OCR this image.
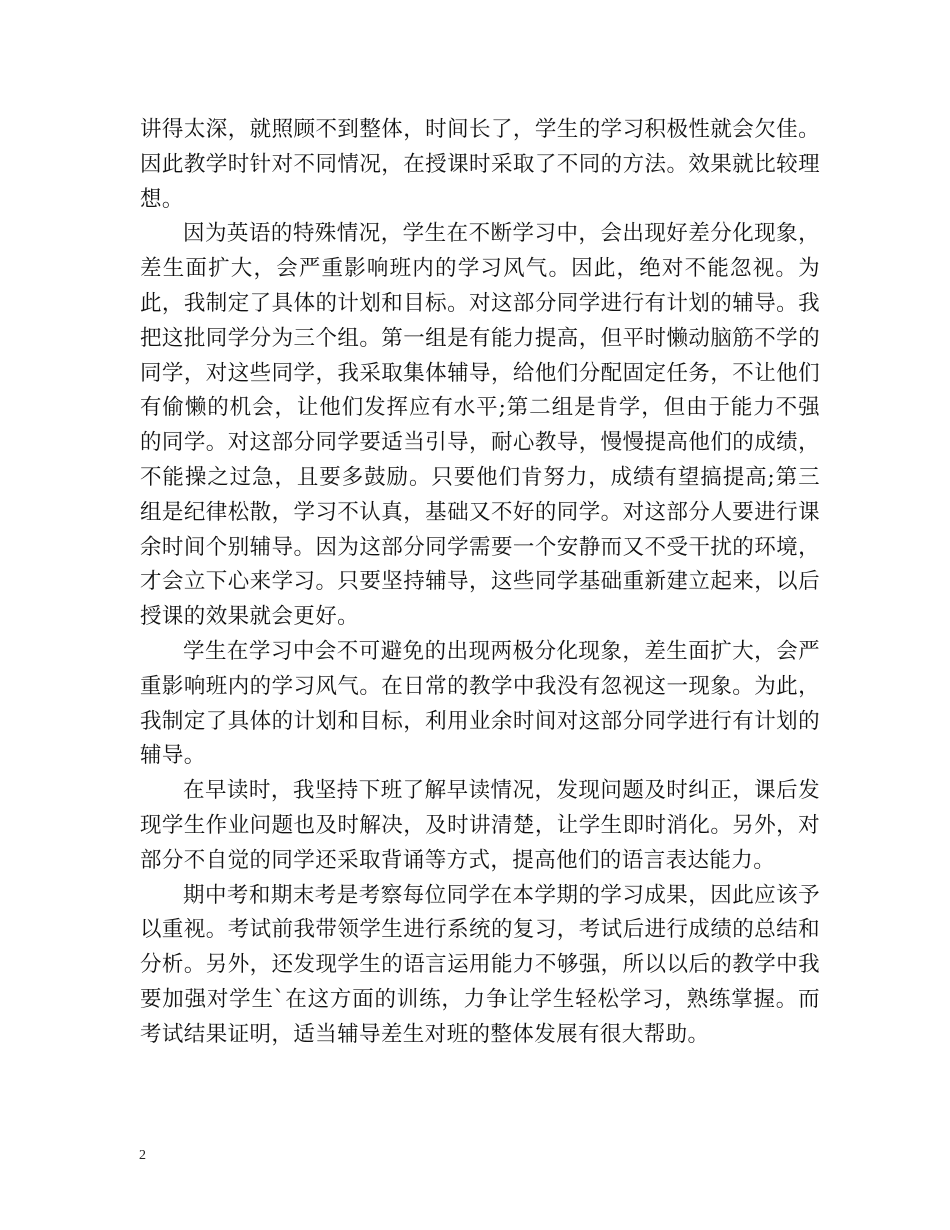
讲得太深，就照顾不到整体，时间长了，学生的学习积极性就会欠佳。因此教学时针对不同情况，在授课时采取了不同的方法。效果就比较理想。

因为英语的特殊情况，学生在不断学习中，会出现好差分化现象，差生面扩大，会严重影响班内的学习风气。因此，绝对不能忽视。为此，我制定了具体的计划和目标。对这部分同学进行有计划的辅导。我把这批同学分为三个组。第一组是有能力提高，但平时懒动脑筋不学的同学，对这些同学，我采取集体辅导，给他们分配固定任务，不让他们有偷懒的机会，让他们发挥应有水平;第二组是肯学，但由于能力不强的同学。对这部分同学要适当引导，耐心教导，慢慢提高他们的成绩，不能操之过急，且要多鼓励。只要他们肯努力，成绩有望搞提高;第三组是纪律松散，学习不认真，基础又不好的同学。对这部分人要进行课余时间个别辅导。因为这部分同学需要一个安静而又不受干扰的环境，才会立下心来学习。只要坚持辅导，这些同学基础重新建立起来，以后授课的效果就会更好。

学生在学习中会不可避免的出现两极分化现象，差生面扩大，会严重影响班内的学习风气。在日常的教学中我没有忽视这一现象。为此，我制定了具体的计划和目标，利用业余时间对这部分同学进行有计划的辅导。

在早读时，我坚持下班了解早读情况，发现问题及时纠正，课后发现学生作业问题也及时解决，及时讲清楚，让学生即时消化。另外，对部分不自觉的同学还采取背诵等方式，提高他们的语言表达能力。

期中考和期末考是考察每位同学在本学期的学习成果，因此应该予以重视。考试前我带领学生进行系统的复习，考试后进行成绩的总结和分析。另外，还发现学生的语言运用能力不够强，所以以后的教学中我要加强对学生`在这方面的训练，力争让学生轻松学习，熟练掌握。而考试结果证明，适当辅导差生对班的整体发展有很大帮助。

2
